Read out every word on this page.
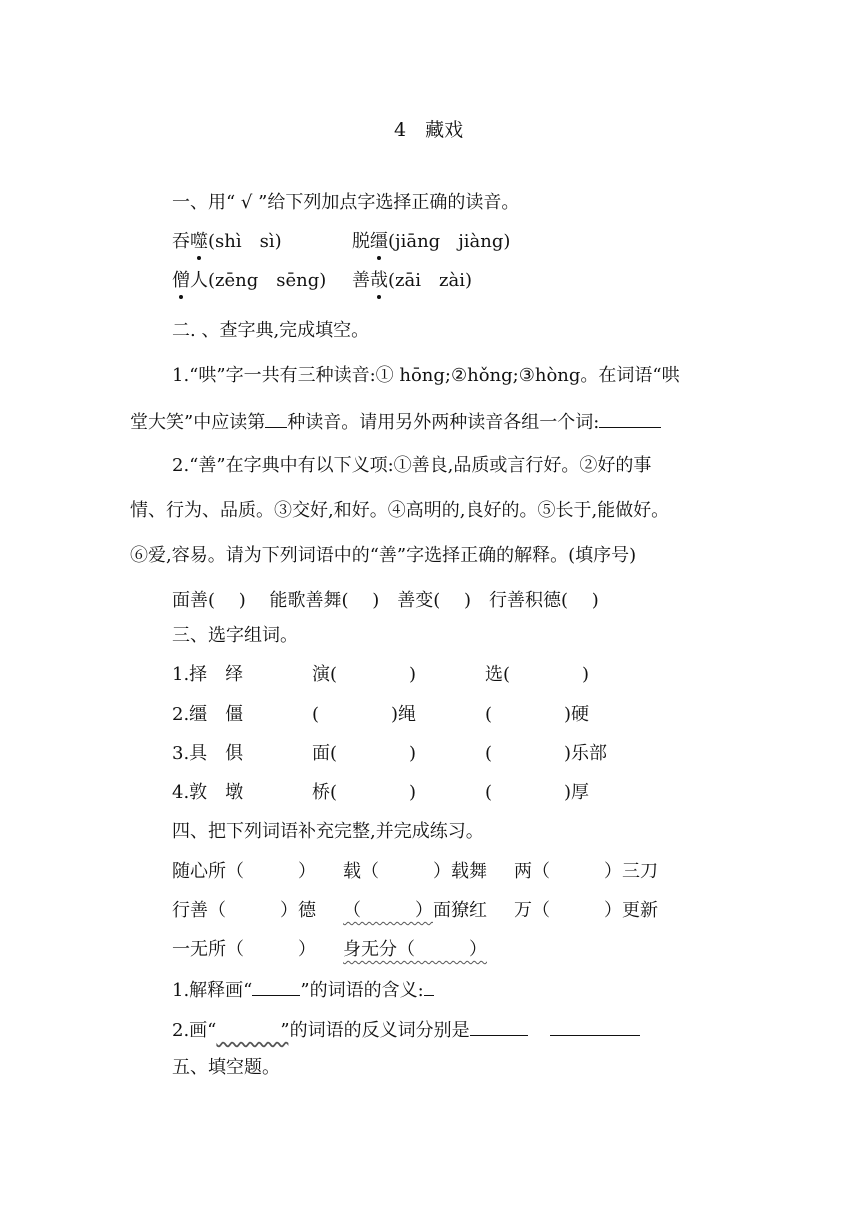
4　藏戏
一、用“ √ ”给下列加点字选择正确的读音。
吞噬(shì　sì)	脱缰(jiāng　jiàng)
僧人(zēng　sēng) 善哉(zāi　zài)
二. 、查字典,完成填空。
1.“哄”字一共有三种读音:① hōng;②hǒng;③hòng。在词语“哄
堂大笑”中应读第 种读音。请用另外两种读音各组一个词:
2.“善”在字典中有以下义项:①善良,品质或言行好。②好的事
情、行为、品质。③交好,和好。④高明的,良好的。⑤长于,能做好。
⑥爱,容易。请为下列词语中的“善”字选择正确的解释。(填序号)
面善(　 )　 能歌善舞(　 )　善变(　 )　行善积德(　 )
三、选字组词。
1.择　绎	演(　　　　)	选(　　　　)
2.缰　僵	(　　　　)绳	(　　　　)硬
3.具　俱	面(　　　　)	(　　　　)乐部
4.敦　墩	桥(　　　　)	(　　　　)厚
四、把下列词语补充完整,并完成练习。
随心所（　　　） 载（　　　）载舞 两（　　　）三刀
行善（　　　）德 （　　　）面獠红 万（　　　）更新
一无所（　　　） 身无分（　　　）
1.解释画“	”的词语的含义:
2.画“　　　　	”的词语的反义词分别是
五、填空题。
